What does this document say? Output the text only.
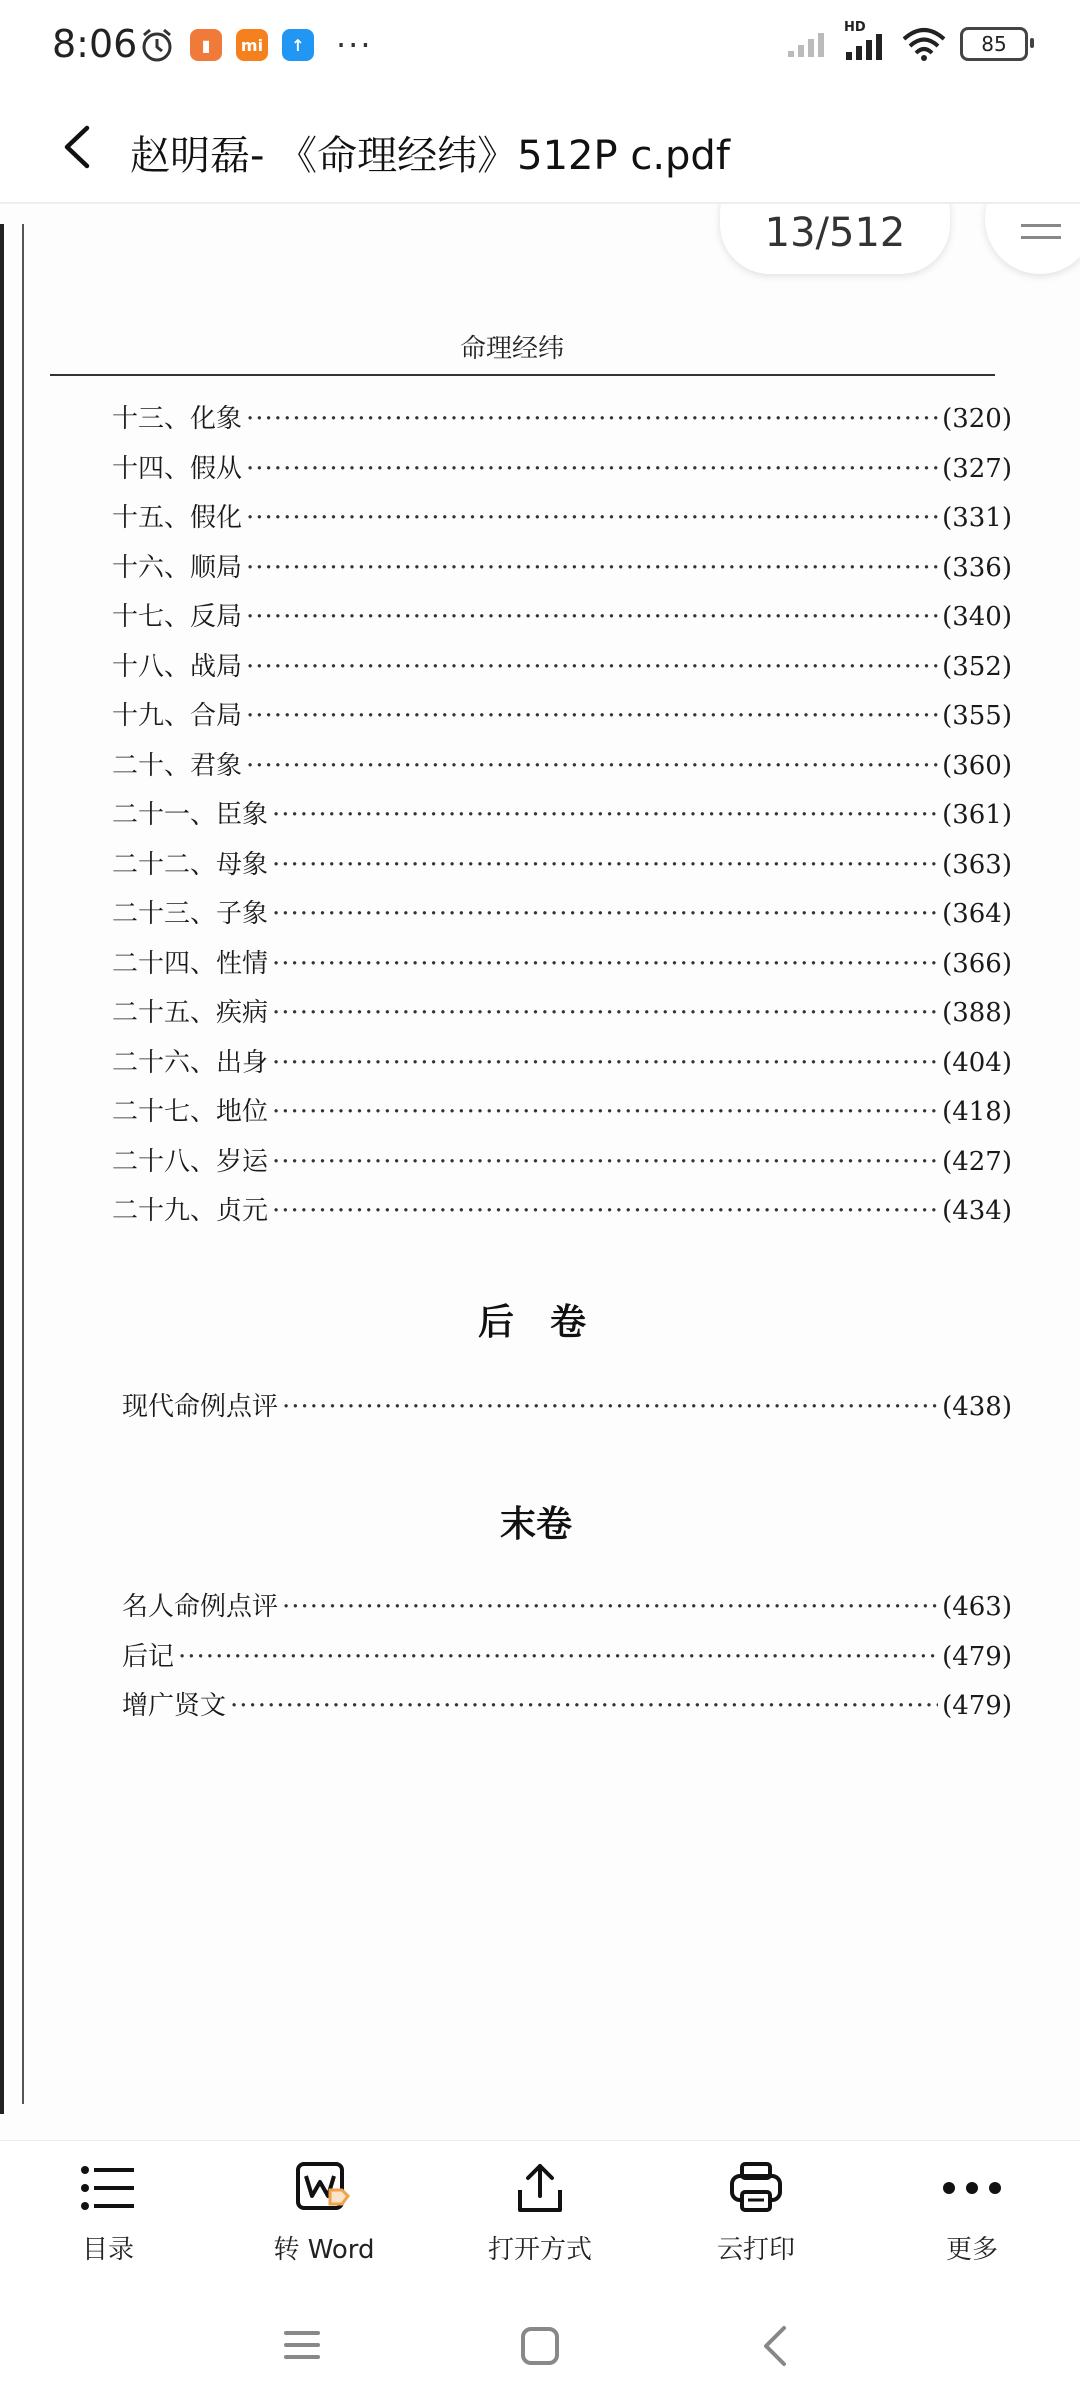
8:06	▮	mi	↑ ···	HD
85
赵明磊- 《命理经纬》512P c.pdf
13/512
命理经纬
十三、化象 ·····	(320)
十四、假从 ·····	(327)
十五、假化 ·····	(331)
十六、顺局 ·····	(336)
十七、反局 ·····	(340)
十八、战局 ·····	(352)
十九、合局 ·····	(355)
二十、君象 ·····	(360)
二十一、臣象 ·····	(361)
二十二、母象 ·····	(363)
二十三、子象 ·····	(364)
二十四、性情 ·····	(366)
二十五、疾病 ·····	(388)
二十六、出身 ·····	(404)
二十七、地位 ·····	(418)
二十八、岁运 ·····	(427)
二十九、贞元 ·····	(434)
后　卷
现代命例点评 ·····	(438)
末卷
名人命例点评 ·····	(463)
后记 ·····	(479)
增广贤文 ·····	(479)
目录	转 Word	打开方式	云打印	更多
